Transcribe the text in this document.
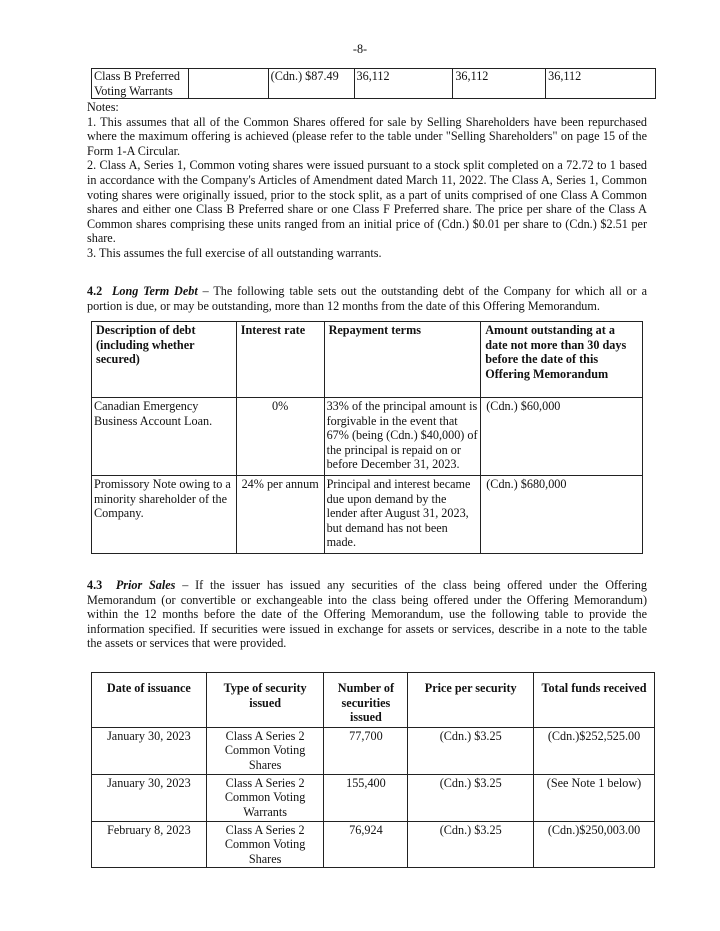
-8-
Class B Preferred Voting Warrants		(Cdn.) $87.49	36,112	36,112	36,112

Notes:

1. This assumes that all of the Common Shares offered for sale by Selling Shareholders have been repurchased where the maximum offering is achieved (please refer to the table under "Selling Shareholders" on page 15 of the Form 1-A Circular.

2. Class A, Series 1, Common voting shares were issued pursuant to a stock split completed on a 72.72 to 1 based in accordance with the Company's Articles of Amendment dated March 11, 2022. The Class A, Series 1, Common voting shares were originally issued, prior to the stock split, as a part of units comprised of one Class A Common shares and either one Class B Preferred share or one Class F Preferred share. The price per share of the Class A Common shares comprising these units ranged from an initial price of (Cdn.) $0.01 per share to (Cdn.) $2.51 per share.

3. This assumes the full exercise of all outstanding warrants.

4.2 Long Term Debt – The following table sets out the outstanding debt of the Company for which all or a portion is due, or may be outstanding, more than 12 months from the date of this Offering Memorandum.
Description of debt (including whether secured)	Interest rate	Repayment terms	Amount outstanding at a date not more than 30 days before the date of this Offering Memorandum
Canadian Emergency Business Account Loan.	0%	33% of the principal amount is forgivable in the event that 67% (being (Cdn.) $40,000) of the principal is repaid on or before December 31, 2023.	(Cdn.) $60,000
Promissory Note owing to a minority shareholder of the Company.	24% per annum	Principal and interest became due upon demand by the lender after August 31, 2023, but demand has not been made.	(Cdn.) $680,000
4.3 Prior Sales – If the issuer has issued any securities of the class being offered under the Offering Memorandum (or convertible or exchangeable into the class being offered under the Offering Memorandum) within the 12 months before the date of the Offering Memorandum, use the following table to provide the information specified. If securities were issued in exchange for assets or services, describe in a note to the table the assets or services that were provided.
Date of issuance	Type of security issued	Number of securities issued	Price per security	Total funds received
January 30, 2023	Class A Series 2 Common Voting Shares	77,700	(Cdn.) $3.25	(Cdn.)$252,525.00
January 30, 2023	Class A Series 2 Common Voting Warrants	155,400	(Cdn.) $3.25	(See Note 1 below)
February 8, 2023	Class A Series 2 Common Voting Shares	76,924	(Cdn.) $3.25	(Cdn.)$250,003.00
